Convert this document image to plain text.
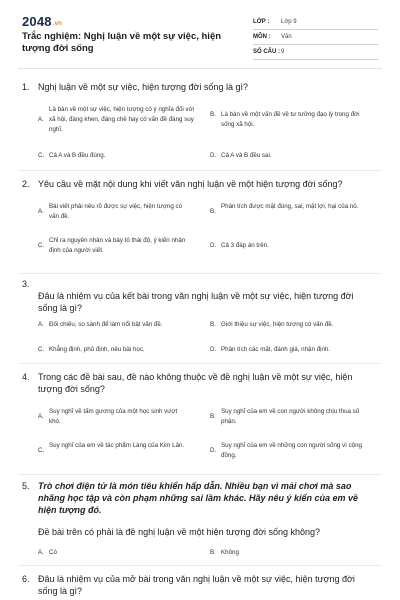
2048.vn
Trắc nghiệm: Nghị luận về một sự việc, hiện tượng đời sống
LỚP :	Lớp 9
MÔN :	Văn
SỐ CÂU : 9
1. Nghị luận về một sự việc, hiện tượng đời sống là gì?
A.
Là bàn về một sự việc, hiện tượng có ý nghĩa đối với xã hội, đáng khen, đáng chê hay có vấn đề đáng suy nghĩ.
B. Là bàn về một vấn đề về tư tưởng đạo lý trong đời sống xã hội.
C. Cả A và B đều đúng.	D. Cả A và B đều sai.
2. Yêu cầu về mặt nội dung khi viết văn nghị luận về một hiện tượng đời sống?
A.
Bài viết phải nêu rõ được sự việc, hiện tượng có vấn đề.
B.
Phân tích được mặt đúng, sai, mặt lợi, hại của nó.
C.
Chỉ ra nguyên nhân và bày tỏ thái độ, ý kiến nhận định của người viết.
D. Cả 3 đáp án trên.
3.
Đâu là nhiệm vụ của kết bài trong văn nghị luận về một sự việc, hiện tượng đời sống là gì?
A. Đối chiếu, so sánh để làm nổi bật vấn đề.	B. Giới thiệu sự việc, hiện tượng có vấn đề.
C. Khẳng định, phủ định, nêu bài học.	D. Phân tích các mặt, đánh giá, nhận định.
4. Trong các đề bài sau, đề nào không thuộc về đề nghị luận về một sự việc, hiện tượng đời sống?
A.
Suy nghĩ về tấm gương của một học sinh vượt khó.
B.
Suy nghĩ của em về con người không chịu thua số phận.
C.
Suy nghĩ của em về tác phẩm Làng của Kim Lân.
D.
Suy nghĩ của em về những con người sống vì cộng đồng.
5. Trò chơi điện tử là món tiêu khiển hấp dẫn. Nhiều bạn vì mải chơi mà sao nhãng học tập và còn phạm những sai lầm khác. Hãy nêu ý kiến của em về hiện tượng đó.
Đề bài trên có phải là đề nghị luận về một hiện tượng đời sống không?
A. Có	B. Không
6. Đâu là nhiệm vụ của mở bài trong văn nghị luận về một sự việc, hiện tượng đời sống là gì?
